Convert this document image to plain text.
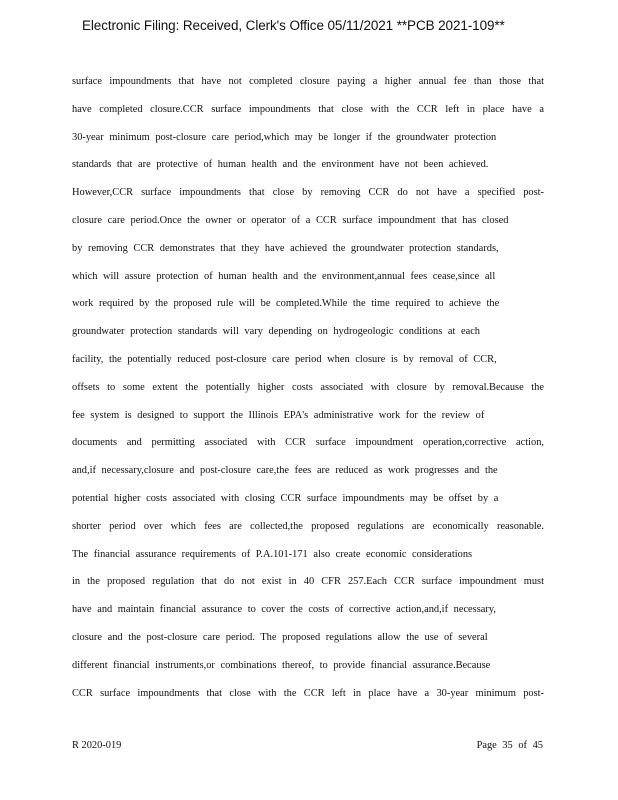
Electronic Filing: Received, Clerk's Office 05/11/2021 **PCB 2021-109**
surface impoundments that have not completed closure paying a higher annual fee than those that
have completed closure.CCR surface impoundments that close with the CCR left in place have a
30-year minimum post-closure care period,which may be longer if the groundwater protection
standards that are protective of human health and the environment have not been achieved.
However,CCR surface impoundments that close by removing CCR do not have a specified post-
closure care period.Once the owner or operator of a CCR surface impoundment that has closed
by removing CCR demonstrates that they have achieved the groundwater protection standards,
which will assure protection of human health and the environment,annual fees cease,since all
work required by the proposed rule will be completed.While the time required to achieve the
groundwater protection standards will vary depending on hydrogeologic conditions at each
facility, the potentially reduced post-closure care period when closure is by removal of CCR,
offsets to some extent the potentially higher costs associated with closure by removal.Because the
fee system is designed to support the Illinois EPA's administrative work for the review of
documents and permitting associated with CCR surface impoundment operation,corrective action,
and,if necessary,closure and post-closure care,the fees are reduced as work progresses and the
potential higher costs associated with closing CCR surface impoundments may be offset by a
shorter period over which fees are collected,the proposed regulations are economically reasonable.
The financial assurance requirements of P.A.101-171 also create economic considerations
in the proposed regulation that do not exist in 40 CFR 257.Each CCR surface impoundment must
have and maintain financial assurance to cover the costs of corrective action,and,if necessary,
closure and the post-closure care period. The proposed regulations allow the use of several
different financial instruments,or combinations thereof, to provide financial assurance.Because
CCR surface impoundments that close with the CCR left in place have a 30-year minimum post-
R 2020-019	Page 35 of 45
